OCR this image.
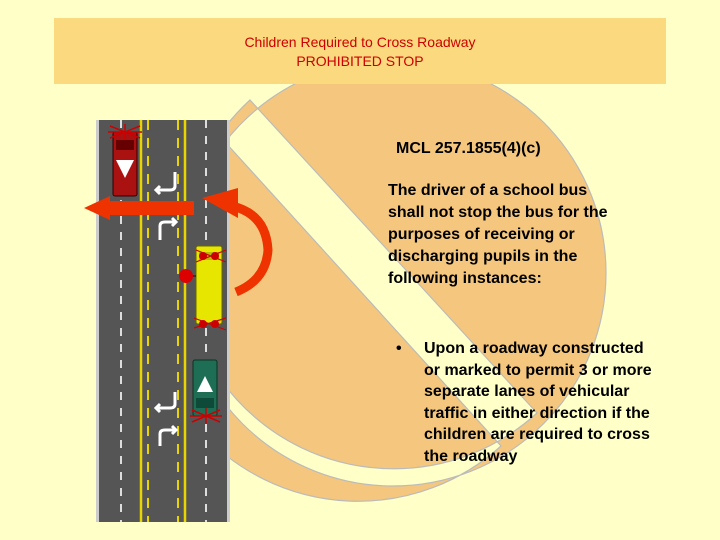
Children Required to Cross Roadway
PROHIBITED STOP
MCL 257.1855(4)(c)
The driver of a school bus shall not stop the bus for the purposes of receiving or discharging pupils in the following instances:
•	Upon a roadway constructed or marked to permit 3 or more separate lanes of vehicular traffic in either direction if the children are required to cross the roadway
